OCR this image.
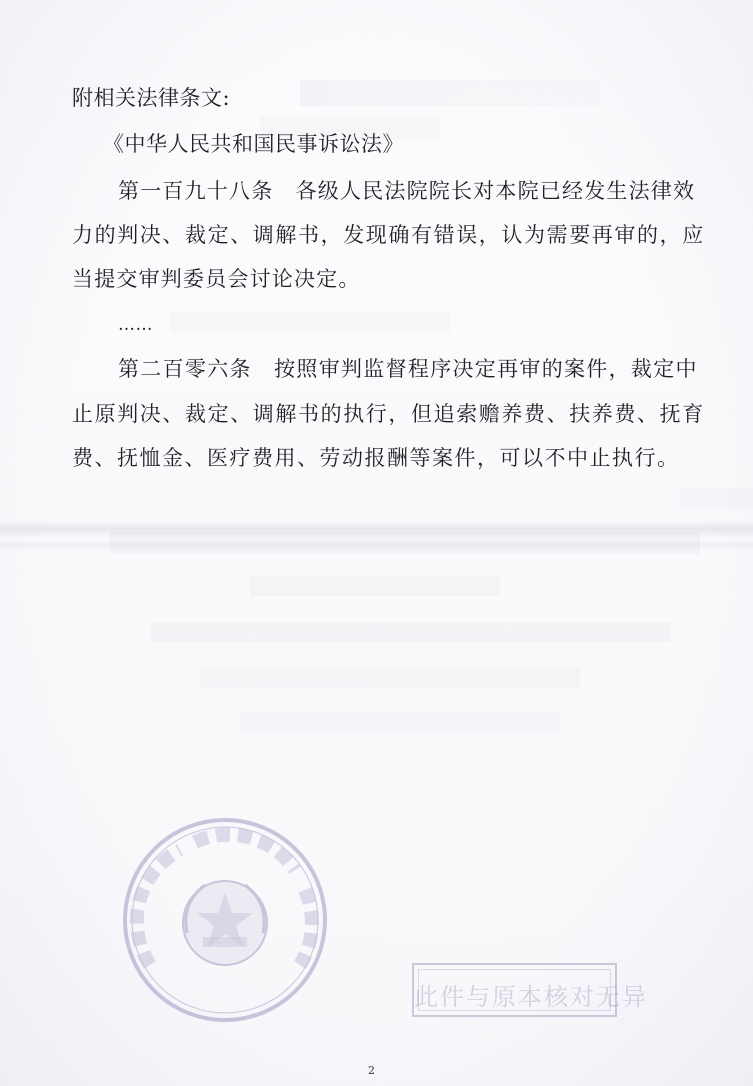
附相关法律条文:
《中华人民共和国民事诉讼法》
第一百九十八条　各级人民法院院长对本院已经发生法律效
力的判决、裁定、调解书，发现确有错误，认为需要再审的，应
当提交审判委员会讨论决定。
……
第二百零六条　按照审判监督程序决定再审的案件，裁定中
止原判决、裁定、调解书的执行，但追索赡养费、扶养费、抚育
费、抚恤金、医疗费用、劳动报酬等案件，可以不中止执行。
此件与原本核对无异
2
